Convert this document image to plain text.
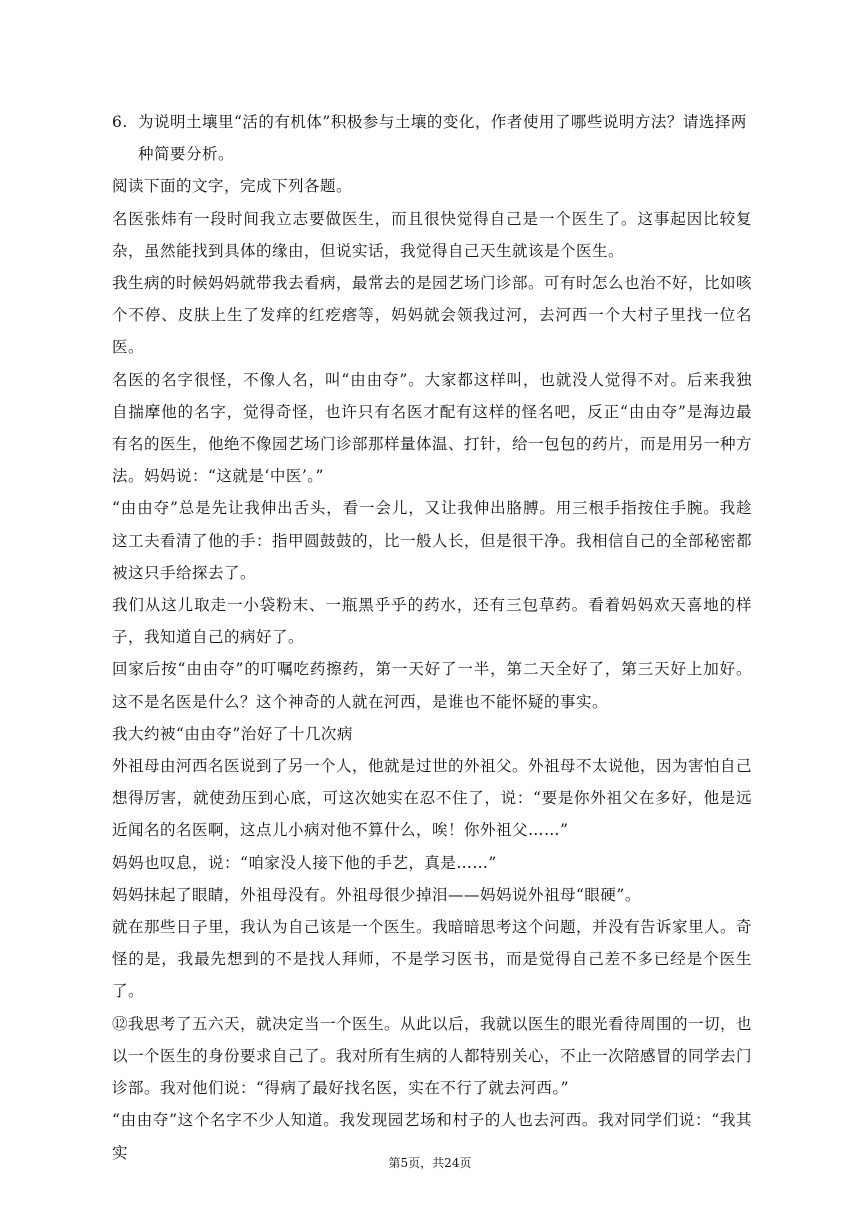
6. 为说明土壤里“活的有机体”积极参与土壤的变化，作者使用了哪些说明方法？请选择两种简要分析。

阅读下面的文字，完成下列各题。

名医张炜有一段时间我立志要做医生，而且很快觉得自己是一个医生了。这事起因比较复杂，虽然能找到具体的缘由，但说实话，我觉得自己天生就该是个医生。

我生病的时候妈妈就带我去看病，最常去的是园艺场门诊部。可有时怎么也治不好，比如咳个不停、皮肤上生了发痒的红疙瘩等，妈妈就会领我过河，去河西一个大村子里找一位名医。

名医的名字很怪，不像人名，叫“由由夺”。大家都这样叫，也就没人觉得不对。后来我独自揣摩他的名字，觉得奇怪，也许只有名医才配有这样的怪名吧，反正“由由夺”是海边最有名的医生，他绝不像园艺场门诊部那样量体温、打针，给一包包的药片，而是用另一种方法。妈妈说：“这就是‘中医’。”

“由由夺”总是先让我伸出舌头，看一会儿，又让我伸出胳膊。用三根手指按住手腕。我趁这工夫看清了他的手：指甲圆鼓鼓的，比一般人长，但是很干净。我相信自己的全部秘密都被这只手给探去了。

我们从这儿取走一小袋粉末、一瓶黑乎乎的药水，还有三包草药。看着妈妈欢天喜地的样子，我知道自己的病好了。

回家后按“由由夺”的叮嘱吃药擦药，第一天好了一半，第二天全好了，第三天好上加好。这不是名医是什么？这个神奇的人就在河西，是谁也不能怀疑的事实。

我大约被“由由夺”治好了十几次病

外祖母由河西名医说到了另一个人，他就是过世的外祖父。外祖母不太说他，因为害怕自己想得厉害，就使劲压到心底，可这次她实在忍不住了，说：“要是你外祖父在多好，他是远近闻名的名医啊，这点儿小病对他不算什么，唉！你外祖父……”

妈妈也叹息，说：“咱家没人接下他的手艺，真是……”

妈妈抹起了眼睛，外祖母没有。外祖母很少掉泪——妈妈说外祖母“眼硬”。

就在那些日子里，我认为自己该是一个医生。我暗暗思考这个问题，并没有告诉家里人。奇怪的是，我最先想到的不是找人拜师，不是学习医书，而是觉得自己差不多已经是个医生了。

⑫我思考了五六天，就决定当一个医生。从此以后，我就以医生的眼光看待周围的一切，也以一个医生的身份要求自己了。我对所有生病的人都特别关心，不止一次陪感冒的同学去门诊部。我对他们说：“得病了最好找名医，实在不行了就去河西。”

“由由夺”这个名字不少人知道。我发现园艺场和村子的人也去河西。我对同学们说：“我其实

第5页，共24页
